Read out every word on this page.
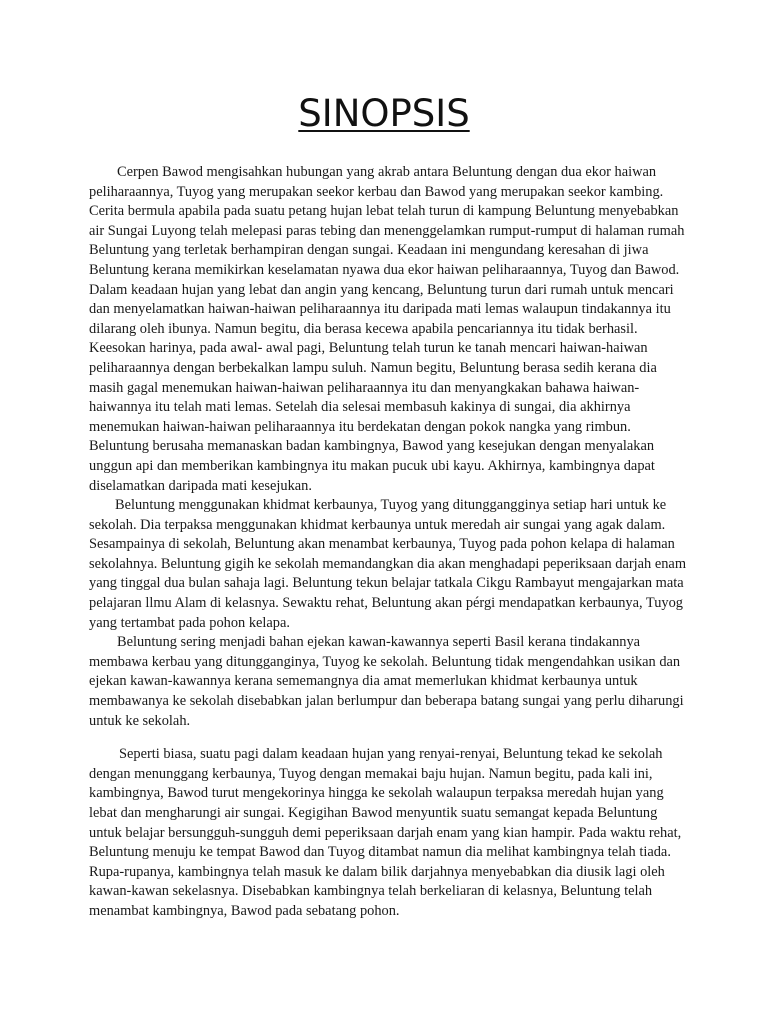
SINOPSIS

Cerpen Bawod mengisahkan hubungan yang akrab antara Beluntung dengan dua ekor haiwan peliharaannya, Tuyog yang merupakan seekor kerbau dan Bawod yang merupakan seekor kambing. Cerita bermula apabila pada suatu petang hujan lebat telah turun di kampung Beluntung menyebabkan air Sungai Luyong telah melepasi paras tebing dan menenggelamkan rumput-rumput di halaman rumah Beluntung yang terletak berhampiran dengan sungai. Keadaan ini mengundang keresahan di jiwa Beluntung kerana memikirkan keselamatan nyawa dua ekor haiwan peliharaannya, Tuyog dan Bawod. Dalam keadaan hujan yang lebat dan angin yang kencang, Beluntung turun dari rumah untuk mencari dan menyelamatkan haiwan-haiwan peliharaannya itu daripada mati lemas walaupun tindakannya itu dilarang oleh ibunya. Namun begitu, dia berasa kecewa apabila pencariannya itu tidak berhasil. Keesokan harinya, pada awal- awal pagi, Beluntung telah turun ke tanah mencari haiwan-haiwan peliharaannya dengan berbekalkan lampu suluh. Namun begitu, Beluntung berasa sedih kerana dia masih gagal menemukan haiwan-haiwan peliharaannya itu dan menyangkakan bahawa haiwan-haiwannya itu telah mati lemas. Setelah dia selesai membasuh kakinya di sungai, dia akhirnya menemukan haiwan-haiwan peliharaannya itu berdekatan dengan pokok nangka yang rimbun. Beluntung berusaha memanaskan badan kambingnya, Bawod yang kesejukan dengan menyalakan unggun api dan memberikan kambingnya itu makan pucuk ubi kayu. Akhirnya, kambingnya dapat diselamatkan daripada mati kesejukan.

Beluntung menggunakan khidmat kerbaunya, Tuyog yang ditunggangginya setiap hari untuk ke sekolah. Dia terpaksa menggunakan khidmat kerbaunya untuk meredah air sungai yang agak dalam. Sesampainya di sekolah, Beluntung akan menambat kerbaunya, Tuyog pada pohon kelapa di halaman sekolahnya. Beluntung gigih ke sekolah memandangkan dia akan menghadapi peperiksaan darjah enam yang tinggal dua bulan sahaja lagi. Beluntung tekun belajar tatkala Cikgu Rambayut mengajarkan mata pelajaran llmu Alam di kelasnya. Sewaktu rehat, Beluntung akan pérgi mendapatkan kerbaunya, Tuyog yang tertambat pada pohon kelapa.

Beluntung sering menjadi bahan ejekan kawan-kawannya seperti Basil kerana tindakannya membawa kerbau yang ditungganginya, Tuyog ke sekolah. Beluntung tidak mengendahkan usikan dan ejekan kawan-kawannya kerana sememangnya dia amat memerlukan khidmat kerbaunya untuk membawanya ke sekolah disebabkan jalan berlumpur dan beberapa batang sungai yang perlu diharungi untuk ke sekolah.

Seperti biasa, suatu pagi dalam keadaan hujan yang renyai-renyai, Beluntung tekad ke sekolah dengan menunggang kerbaunya, Tuyog dengan memakai baju hujan. Namun begitu, pada kali ini, kambingnya, Bawod turut mengekorinya hingga ke sekolah walaupun terpaksa meredah hujan yang lebat dan mengharungi air sungai. Kegigihan Bawod menyuntik suatu semangat kepada Beluntung untuk belajar bersungguh-sungguh demi peperiksaan darjah enam yang kian hampir. Pada waktu rehat, Beluntung menuju ke tempat Bawod dan Tuyog ditambat namun dia melihat kambingnya telah tiada. Rupa-rupanya, kambingnya telah masuk ke dalam bilik darjahnya menyebabkan dia diusik lagi oleh kawan-kawan sekelasnya. Disebabkan kambingnya telah berkeliaran di kelasnya, Beluntung telah menambat kambingnya, Bawod pada sebatang pohon.
